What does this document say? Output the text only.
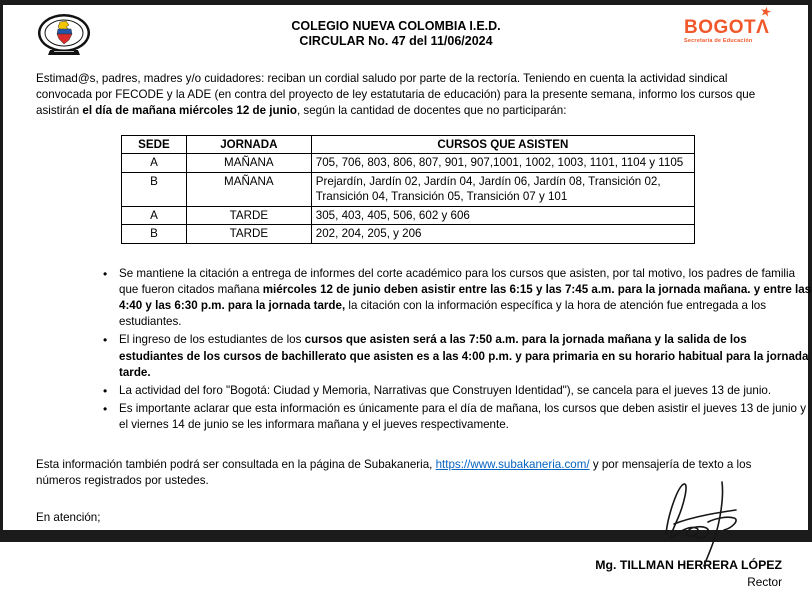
COLEGIO NUEVA COLOMBIA I.E.D.
CIRCULAR No. 47 del 11/06/2024
★
BOGOTΛ
Secretaría de Educación

Estimad@s, padres, madres y/o cuidadores: reciban un cordial saludo por parte de la rectoría. Teniendo en cuenta la actividad sindical convocada por FECODE y la ADE (en contra del proyecto de ley estatutaria de educación) para la presente semana, informo los cursos que asistirán el día de mañana miércoles 12 de junio, según la cantidad de docentes que no participarán:

SEDE	JORNADA	CURSOS QUE ASISTEN
A	MAÑANA	705, 706, 803, 806, 807, 901, 907,1001, 1002, 1003, 1101, 1104 y 1105
B	MAÑANA	Prejardín, Jardín 02, Jardín 04, Jardín 06, Jardín 08, Transición 02, Transición 04, Transición 05, Transición 07 y 101
A	TARDE	305, 403, 405, 506, 602 y 606
B	TARDE	202, 204, 205, y 206
• Se mantiene la citación a entrega de informes del corte académico para los cursos que asisten, por tal motivo, los padres de familia que fueron citados mañana miércoles 12 de junio deben asistir entre las 6:15 y las 7:45 a.m. para la jornada mañana. y entre las 4:40 y las 6:30 p.m. para la jornada tarde, la citación con la información específica y la hora de atención fue entregada a los estudiantes.
• El ingreso de los estudiantes de los cursos que asisten será a las 7:50 a.m. para la jornada mañana y la salida de los estudiantes de los cursos de bachillerato que asisten es a las 4:00 p.m. y para primaria en su horario habitual para la jornada tarde.
• La actividad del foro "Bogotá: Ciudad y Memoria, Narrativas que Construyen Identidad"), se cancela para el jueves 13 de junio.
• Es importante aclarar que esta información es únicamente para el día de mañana, los cursos que deben asistir el jueves 13 de junio y el viernes 14 de junio se les informara mañana y el jueves respectivamente.

Esta información también podrá ser consultada en la página de Subakaneria, https://www.subakaneria.com/ y por mensajería de texto a los números registrados por ustedes.

En atención;

Mg. TILLMAN HERRERA LÓPEZ
Rector
